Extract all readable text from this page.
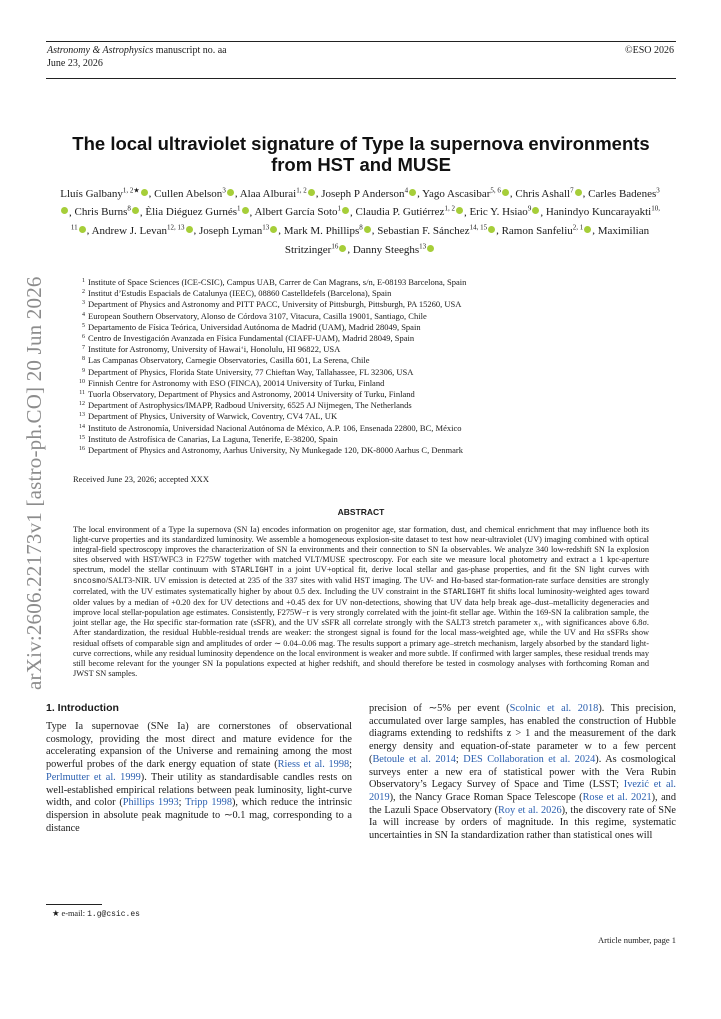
Astronomy & Astrophysics manuscript no. aa
June 23, 2026
©ESO 2026
arXiv:2606.22173v1 [astro-ph.CO] 20 Jun 2026
The local ultraviolet signature of Type Ia supernova environments
from HST and MUSE
Lluís Galbany$^{1, 2★}$ , Cullen Abelson$^3$ , Alaa Alburai$^{1, 2}$ , Joseph P Anderson$^4$ , Yago Ascasibar$^{5, 6}$ , Chris Ashall$^7$ , Carles Badenes$^3$, Chris Burns$^8$ , Èlia Diéguez Gurnés$^1$ , Albert García Soto$^1$ , Claudia P. Gutiérrez$^{1, 2}$ , Eric Y. Hsiao$^9$ , Hanindyo Kuncarayakti$^{10, 11}$ , Andrew J. Levan$^{12, 13}$ , Joseph Lyman$^{13}$ , Mark M. Phillips$^8$ , Sebastian F. Sánchez$^{14, 15}$ , Ramon Sanfeliu$^{2, 1}$ , Maximilian Stritzinger$^{16}$ , Danny Steeghs$^{13}$
$^1$ Institute of Space Sciences (ICE-CSIC), Campus UAB, Carrer de Can Magrans, s/n, E-08193 Barcelona, Spain
$^2$ Institut d’Estudis Espacials de Catalunya (IEEC), 08860 Castelldefels (Barcelona), Spain
$^3$ Department of Physics and Astronomy and PITT PACC, University of Pittsburgh, Pittsburgh, PA 15260, USA
$^4$ European Southern Observatory, Alonso de Córdova 3107, Vitacura, Casilla 19001, Santiago, Chile
$^5$ Departamento de Física Teórica, Universidad Autónoma de Madrid (UAM), Madrid 28049, Spain
$^6$ Centro de Investigación Avanzada en Física Fundamental (CIAFF-UAM), Madrid 28049, Spain
$^7$ Institute for Astronomy, University of Hawai‘i, Honolulu, HI 96822, USA
$^8$ Las Campanas Observatory, Carnegie Observatories, Casilla 601, La Serena, Chile
$^9$ Department of Physics, Florida State University, 77 Chieftan Way, Tallahassee, FL 32306, USA
$^{10}$ Finnish Centre for Astronomy with ESO (FINCA), 20014 University of Turku, Finland
$^{11}$ Tuorla Observatory, Department of Physics and Astronomy, 20014 University of Turku, Finland
$^{12}$ Department of Astrophysics/IMAPP, Radboud University, 6525 AJ Nijmegen, The Netherlands
$^{13}$ Department of Physics, University of Warwick, Coventry, CV4 7AL, UK
$^{14}$ Instituto de Astronomía, Universidad Nacional Autónoma de México, A.P. 106, Ensenada 22800, BC, México
$^{15}$ Instituto de Astrofísica de Canarias, La Laguna, Tenerife, E-38200, Spain
$^{16}$ Department of Physics and Astronomy, Aarhus University, Ny Munkegade 120, DK-8000 Aarhus C, Denmark
Received June 23, 2026; accepted XXX
ABSTRACT
The local environment of a Type Ia supernova (SN Ia) encodes information on progenitor age, star formation, dust, and chemical enrichment that may influence both its light-curve properties and its standardized luminosity. We assemble a homogeneous explosion-site dataset to test how near-ultraviolet (UV) imaging combined with optical integral-field spectroscopy improves the characterization of SN Ia environments and their connection to SN Ia observables. We analyze 340 low-redshift SN Ia explosion sites observed with HST/WFC3 in F275W together with matched VLT/MUSE spectroscopy. For each site we measure local photometry and extract a 1 kpc-aperture spectrum, model the stellar continuum with STARLIGHT in a joint UV+optical fit, derive local stellar and gas-phase properties, and fit the SN light curves with sncosmo/SALT3-NIR. UV emission is detected at 235 of the 337 sites with valid HST imaging. The UV- and Hα-based star-formation-rate surface densities are strongly correlated, with the UV estimates systematically higher by about 0.5 dex. Including the UV constraint in the STARLIGHT fit shifts local luminosity-weighted ages toward older values by a median of +0.20 dex for UV detections and +0.45 dex for UV non-detections, showing that UV data help break age–dust–metallicity degeneracies and improve local stellar-population age estimates. Consistently, F275W−r is very strongly correlated with the joint-fit stellar age. Within the 169-SN Ia calibration sample, the joint stellar age, the Hα specific star-formation rate (sSFR), and the UV sSFR all correlate strongly with the SALT3 stretch parameter x₁, with significances above 6.8σ. After standardization, the residual Hubble-residual trends are weaker: the strongest signal is found for the local mass-weighted age, while the UV and Hα sSFRs show residual offsets of comparable sign and amplitudes of order ∼ 0.04–0.06 mag. The results support a primary age–stretch mechanism, largely absorbed by the standard light-curve corrections, while any residual luminosity dependence on the local environment is weaker and more subtle. If confirmed with larger samples, these residual trends may still become relevant for the younger SN Ia populations expected at higher redshift, and should therefore be tested in cosmology analyses with forthcoming Roman and JWST SN samples.
1. Introduction
Type Ia supernovae (SNe Ia) are cornerstones of observational cosmology, providing the most direct and mature evidence for the accelerating expansion of the Universe and remaining among the most powerful probes of the dark energy equation of state (Riess et al. 1998; Perlmutter et al. 1999). Their utility as standardisable candles rests on well-established empirical relations between peak luminosity, light-curve width, and color (Phillips 1993; Tripp 1998), which reduce the intrinsic dispersion in absolute peak magnitude to ∼0.1 mag, corresponding to a distance
precision of ∼5% per event (Scolnic et al. 2018). This precision, accumulated over large samples, has enabled the construction of Hubble diagrams extending to redshifts z > 1 and the measurement of the dark energy density and equation-of-state parameter w to a few percent (Betoule et al. 2014; DES Collaboration et al. 2024). As cosmological surveys enter a new era of statistical power with the Vera Rubin Observatory’s Legacy Survey of Space and Time (LSST; Ivezić et al. 2019), the Nancy Grace Roman Space Telescope (Rose et al. 2021), and the Lazuli Space Observatory (Roy et al. 2026), the discovery rate of SNe Ia will increase by orders of magnitude. In this regime, systematic uncertainties in SN Ia standardization rather than statistical ones will
★ e-mail: 1.g@csic.es
Article number, page 1
